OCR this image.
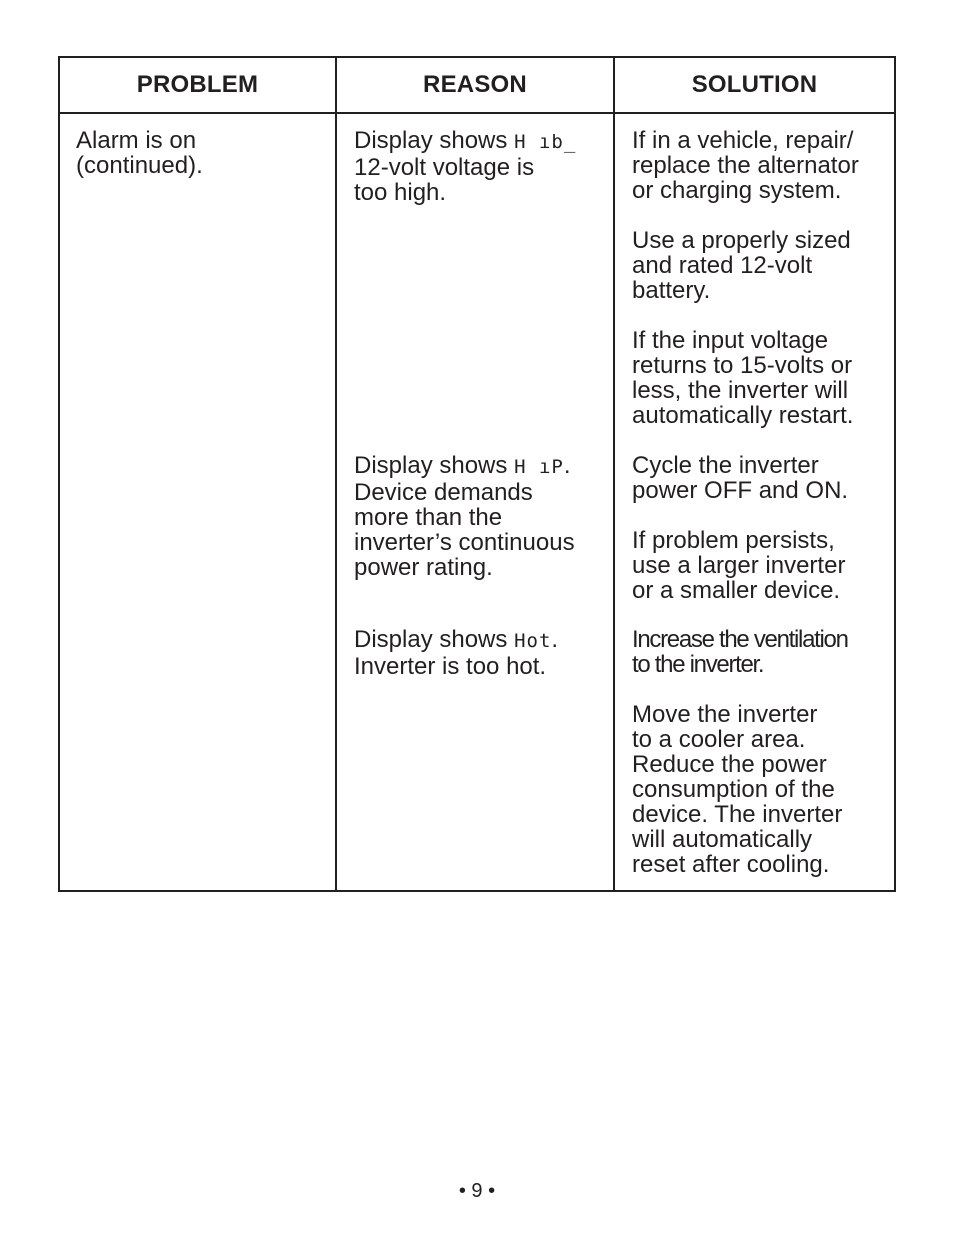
PROBLEM	REASON	SOLUTION
Alarm is on
(continued).
Display shows H ıb_
12-volt voltage is
too high.
Display shows H ıP.
Device demands
more than the
inverter’s continuous
power rating.
Display shows Hot.
Inverter is too hot.
If in a vehicle, repair/
replace the alternator
or charging system.
Use a properly sized
and rated 12-volt
battery.
If the input voltage
returns to 15-volts or
less, the inverter will
automatically restart.
Cycle the inverter
power OFF and ON.
If problem persists,
use a larger inverter
or a smaller device.
Increase the ventilation
to the inverter.
Move the inverter
to a cooler area.
Reduce the power
consumption of the
device. The inverter
will automatically
reset after cooling.
• 9 •
